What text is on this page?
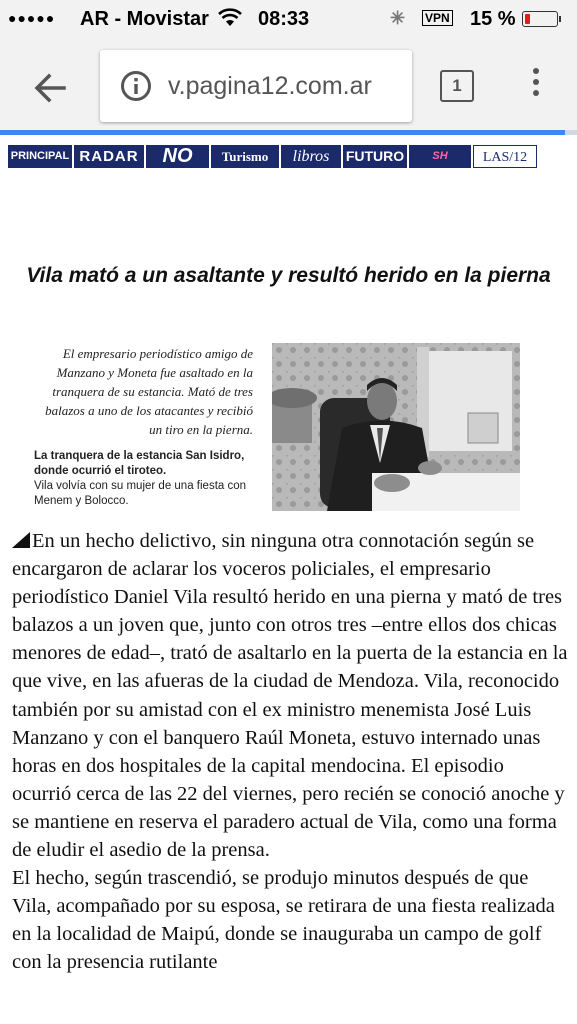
●●●●● AR - Movistar 08:33	✳ VPN 15 %
v.pagina12.com.ar	1
PRINCIPAL RADAR	NO	Turismo	libros	FUTURO	SH	LAS/12
Vila mató a un asaltante y resultó herido en la pierna
El empresario periodístico amigo de Manzano y Moneta fue asaltado en la tranquera de su estancia. Mató de tres balazos a uno de los atacantes y recibió un tiro en la pierna.
La tranquera de la estancia San Isidro, donde ocurrió el tiroteo.
Vila volvía con su mujer de una fiesta con Menem y Bolocco.

En un hecho delictivo, sin ninguna otra connotación según se encargaron de aclarar los voceros policiales, el empresario periodístico Daniel Vila resultó herido en una pierna y mató de tres balazos a un joven que, junto con otros tres –entre ellos dos chicas menores de edad–, trató de asaltarlo en la puerta de la estancia en la que vive, en las afueras de la ciudad de Mendoza. Vila, reconocido también por su amistad con el ex ministro menemista José Luis Manzano y con el banquero Raúl Moneta, estuvo internado unas horas en dos hospitales de la capital mendocina. El episodio ocurrió cerca de las 22 del viernes, pero recién se conoció anoche y se mantiene en reserva el paradero actual de Vila, como una forma de eludir el asedio de la prensa.

El hecho, según trascendió, se produjo minutos después de que Vila, acompañado por su esposa, se retirara de una fiesta realizada en la localidad de Maipú, donde se inauguraba un campo de golf con la presencia rutilante
